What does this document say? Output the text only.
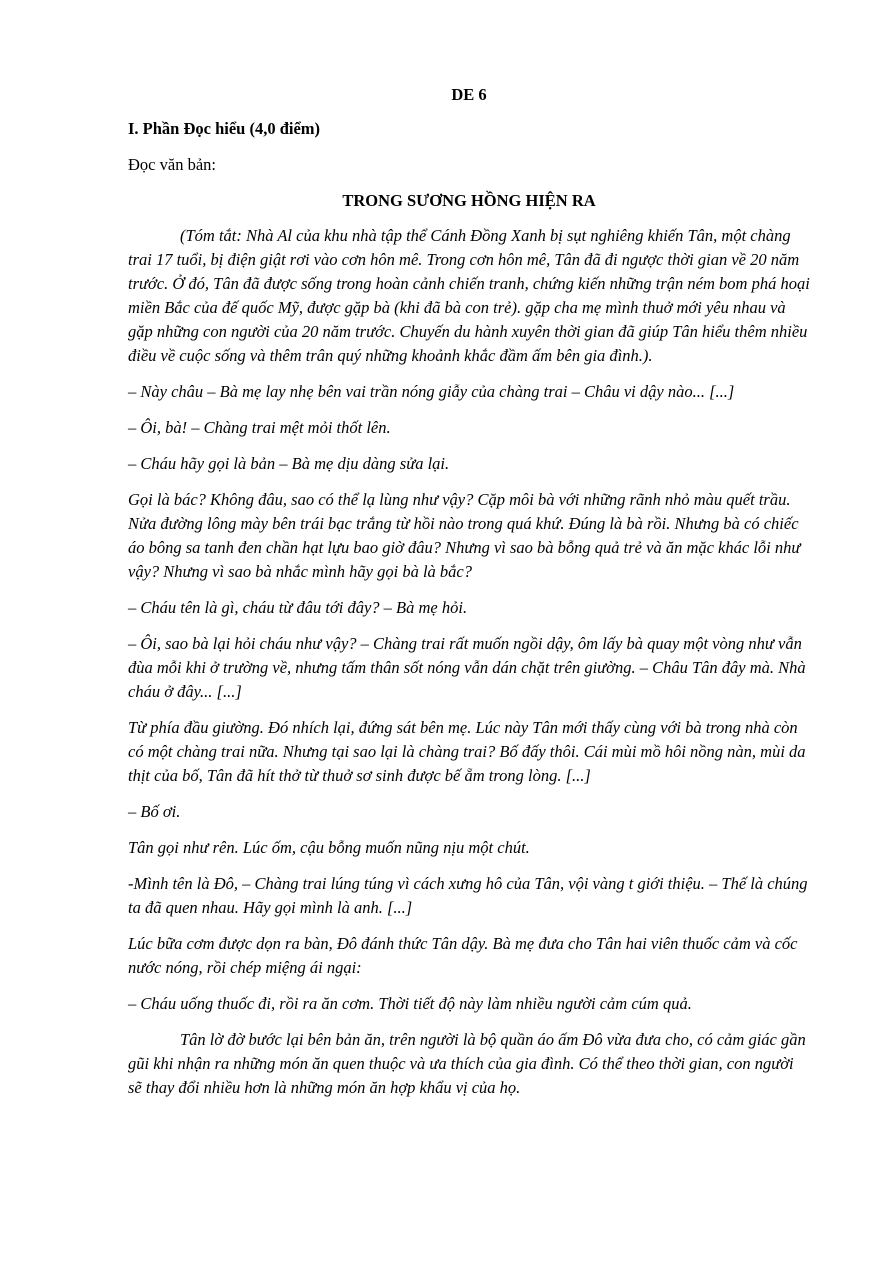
DE 6
I. Phần Đọc hiểu (4,0 điểm)
Đọc văn bản:
TRONG SƯƠNG HỒNG HIỆN RA

(Tóm tắt: Nhà Al của khu nhà tập thể Cánh Đồng Xanh bị sụt nghiêng khiến Tân, một chàng trai 17 tuổi, bị điện giật rơi vào cơn hôn mê. Trong cơn hôn mê, Tân đã đi ngược thời gian về 20 năm trước. Ở đó, Tân đã được sống trong hoàn cảnh chiến tranh, chứng kiến những trận ném bom phá hoại miền Bắc của đế quốc Mỹ, được gặp bà (khi đã bà con trẻ). gặp cha mẹ mình thuở mới yêu nhau và gặp những con người của 20 năm trước. Chuyến du hành xuyên thời gian đã giúp Tân hiểu thêm nhiều điều về cuộc sống và thêm trân quý những khoảnh khắc đầm ấm bên gia đình.).

– Này châu – Bà mẹ lay nhẹ bên vai trần nóng giẫy của chàng trai – Châu vi dậy nào... [...]

– Ôi, bà! – Chàng trai mệt mỏi thốt lên.

– Cháu hãy gọi là bản – Bà mẹ dịu dàng sửa lại.

Gọi là bác? Không đâu, sao có thể lạ lùng như vậy? Cặp môi bà với những rãnh nhỏ màu quết trầu. Nửa đường lông mày bên trái bạc trắng từ hồi nào trong quá khứ. Đúng là bà rồi. Nhưng bà có chiếc áo bông sa tanh đen chần hạt lựu bao giờ đâu? Nhưng vì sao bà bỗng quả trẻ và ăn mặc khác lỗi như vậy? Nhưng vì sao bà nhắc mình hãy gọi bà là bắc?

– Cháu tên là gì, cháu từ đâu tới đây? – Bà mẹ hỏi.

– Ôi, sao bà lại hỏi cháu như vậy? – Chàng trai rất muốn ngồi dậy, ôm lấy bà quay một vòng như vẫn đùa mỗi khi ở trường về, nhưng tấm thân sốt nóng vẫn dán chặt trên giường. – Châu Tân đây mà. Nhà cháu ở đây... [...]

Từ phía đầu giường. Đó nhích lại, đứng sát bên mẹ. Lúc này Tân mới thấy cùng với bà trong nhà còn có một chàng trai nữa. Nhưng tại sao lại là chàng trai? Bố đấy thôi. Cái mùi mồ hôi nồng nàn, mùi da thịt của bố, Tân đã hít thở từ thuở sơ sinh được bế ẵm trong lòng. [...]

– Bố ơi.

Tân gọi như rên. Lúc ốm, cậu bỗng muốn nũng nịu một chút.

-Mình tên là Đô, – Chàng trai lúng túng vì cách xưng hô của Tân, vội vàng t giới thiệu. – Thế là chúng ta đã quen nhau. Hãy gọi mình là anh. [...]

Lúc bữa cơm được dọn ra bàn, Đô đánh thức Tân dậy. Bà mẹ đưa cho Tân hai viên thuốc cảm và cốc nước nóng, rồi chép miệng ái ngại:

– Cháu uống thuốc đi, rồi ra ăn cơm. Thời tiết độ này làm nhiều người cảm cúm quả.

Tân lờ đờ bước lại bên bản ăn, trên người là bộ quần áo ấm Đô vừa đưa cho, có cảm giác gần gũi khi nhận ra những món ăn quen thuộc và ưa thích của gia đình. Có thể theo thời gian, con người sẽ thay đổi nhiều hơn là những món ăn hợp khẩu vị của họ.
